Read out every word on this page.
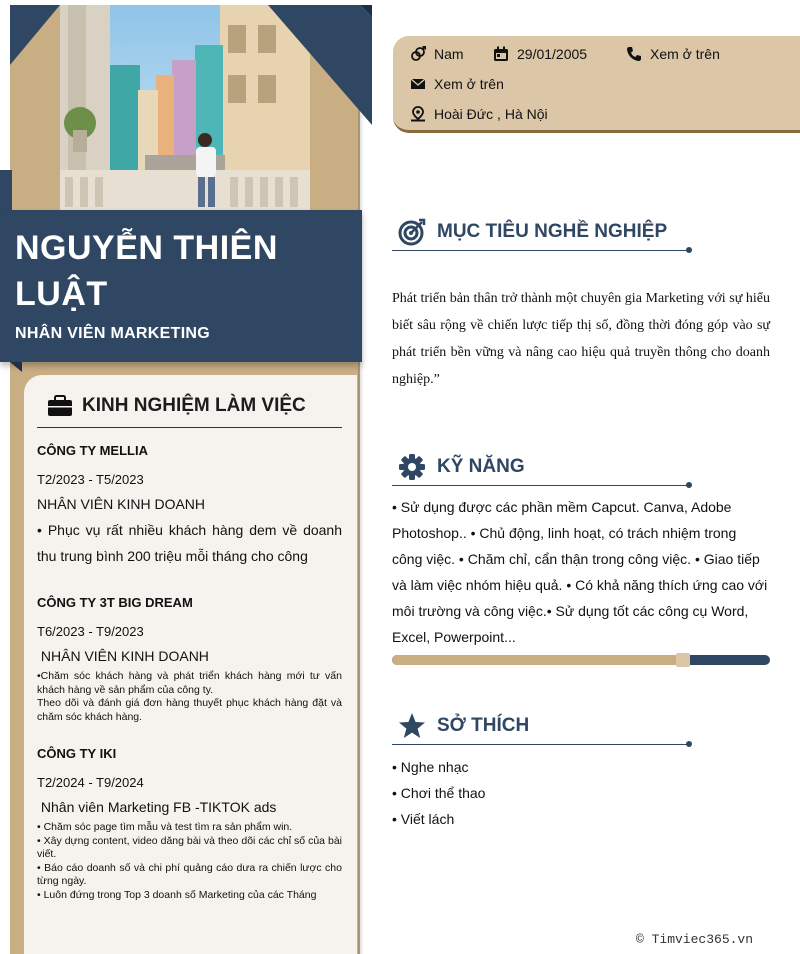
NGUYỄN THIÊN LUẬT
NHÂN VIÊN MARKETING
KINH NGHIỆM LÀM VIỆC
CÔNG TY MELLIA
T2/2023 - T5/2023
NHÂN VIÊN KINH DOANH
• Phục vụ rất nhiều khách hàng dem về doanh thu trung bình 200 triệu mỗi tháng cho công
CÔNG TY 3T BIG DREAM
T6/2023 - T9/2023
NHÂN VIÊN KINH DOANH
•Chăm sóc khách hàng và phát triển khách hàng mới tư vấn khách hàng về sản phẩm của công ty.
Theo dõi và đánh giá đơn hàng thuyết phục khách hàng đặt và chăm sóc khách hàng.
CÔNG TY IKI
T2/2024 - T9/2024
Nhân viên Marketing FB -TIKTOK ads
• Chăm sóc page tìm mẫu và test tìm ra sản phẩm win.
• Xây dựng content, video dăng bài và theo dõi các chỉ số của bài viết.
• Báo cáo doanh số và chi phí quảng cáo dưa ra chiến lược cho từng ngày.
• Luôn đứng trong Top 3 doanh số Marketing của các Tháng
Nam	29/01/2005	Xem ở trên
Xem ở trên
Hoài Đức , Hà Nội
MỤC TIÊU NGHỀ NGHIỆP
Phát triển bản thân trở thành một chuyên gia Marketing với sự hiểu biết sâu rộng về chiến lược tiếp thị số, đồng thời đóng góp vào sự phát triển bền vững và nâng cao hiệu quả truyền thông cho doanh nghiệp.”
KỸ NĂNG
• Sử dụng được các phần mềm Capcut. Canva, Adobe Photoshop.. • Chủ động, linh hoạt, có trách nhiệm trong công việc. • Chăm chỉ, cẩn thận trong công việc. • Giao tiếp và làm việc nhóm hiệu quả. • Có khả năng thích ứng cao với môi trường và công việc.• Sử dụng tốt các công cụ Word, Excel, Powerpoint...
SỞ THÍCH
• Nghe nhạc
• Chơi thể thao
• Viết lách
© Timviec365.vn
